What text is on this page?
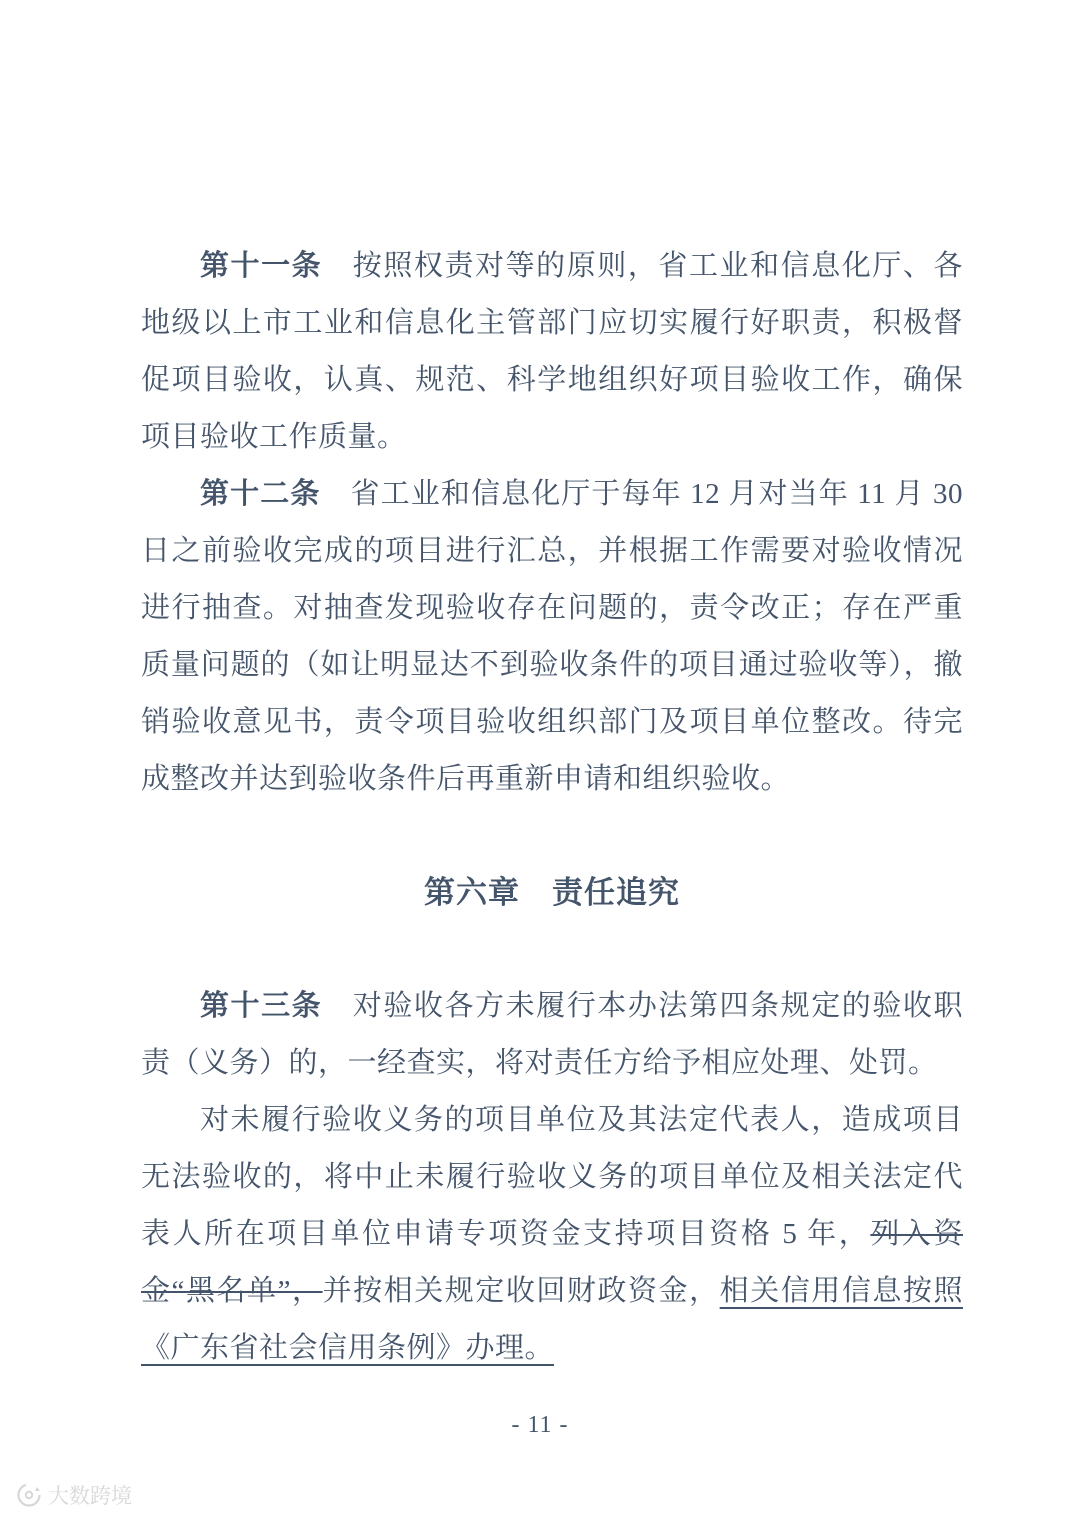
第十一条　按照权责对等的原则，省工业和信息化厅、各地级以上市工业和信息化主管部门应切实履行好职责，积极督促项目验收，认真、规范、科学地组织好项目验收工作，确保项目验收工作质量。

第十二条　省工业和信息化厅于每年 12 月对当年 11 月 30 日之前验收完成的项目进行汇总，并根据工作需要对验收情况进行抽查。对抽查发现验收存在问题的，责令改正；存在严重质量问题的（如让明显达不到验收条件的项目通过验收等），撤销验收意见书，责令项目验收组织部门及项目单位整改。待完成整改并达到验收条件后再重新申请和组织验收。

第六章　责任追究

第十三条　对验收各方未履行本办法第四条规定的验收职责（义务）的，一经查实，将对责任方给予相应处理、处罚。

对未履行验收义务的项目单位及其法定代表人，造成项目无法验收的，将中止未履行验收义务的项目单位及相关法定代表人所在项目单位申请专项资金支持项目资格 5 年，列入资金“黑名单”，并按相关规定收回财政资金，相关信用信息按照《广东省社会信用条例》办理。

- 11 -
大数跨境
